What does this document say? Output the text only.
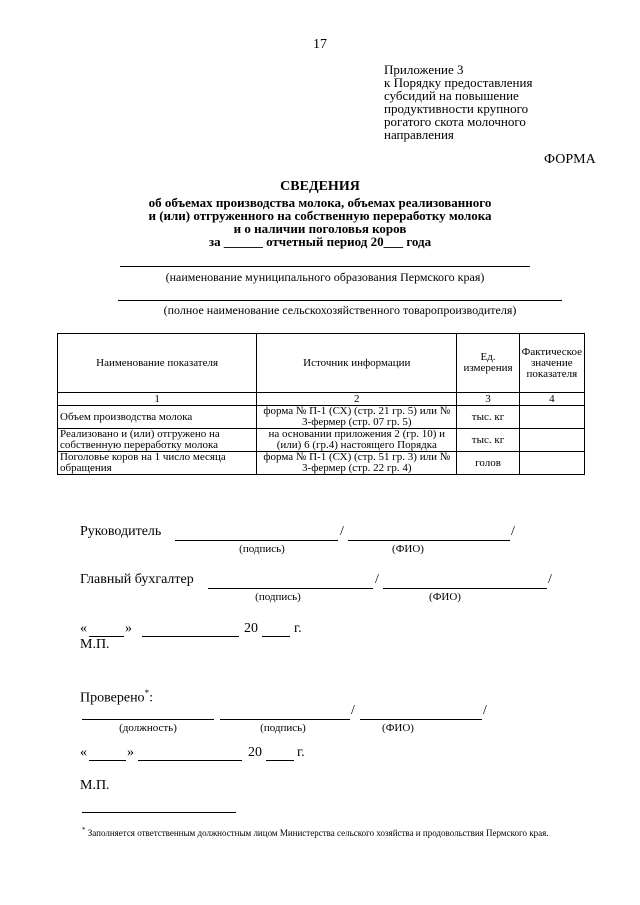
17
Приложение 3
к Порядку предоставления
субсидий на повышение
продуктивности крупного
рогатого скота молочного
направления
ФОРМА
СВЕДЕНИЯ
об объемах производства молока, объемах реализованного
и (или) отгруженного на собственную переработку молока
и о наличии поголовья коров
за ______ отчетный период 20___ года
(наименование муниципального образования Пермского края)
(полное наименование сельскохозяйственного товаропроизводителя)
Наименование показателя	Источник информации	Ед. измерения	Фактическое значение показателя
1	2	3	4
Объем производства молока	форма № П-1 (СХ) (стр. 21 гр. 5) или № 3-фермер (стр. 07 гр. 5)	тыс. кг	
Реализовано и (или) отгружено на собственную переработку молока	на основании приложения 2 (гр. 10) и (или) 6 (гр.4) настоящего Порядка	тыс. кг	
Поголовье коров на 1 число месяца обращения	форма № П-1 (СХ) (стр. 51 гр. 3) или № 3-фермер (стр. 22 гр. 4)	голов	
Руководитель	/	/
(подпись)	(ФИО)
Главный бухгалтер	/	/
(подпись)	(ФИО)
«	»	20	г.
М.П.
Проверено*:
/	/
(должность)	(подпись)	(ФИО)
«	»	20	г.
М.П.
* Заполняется ответственным должностным лицом Министерства сельского хозяйства и продовольствия Пермского края.
